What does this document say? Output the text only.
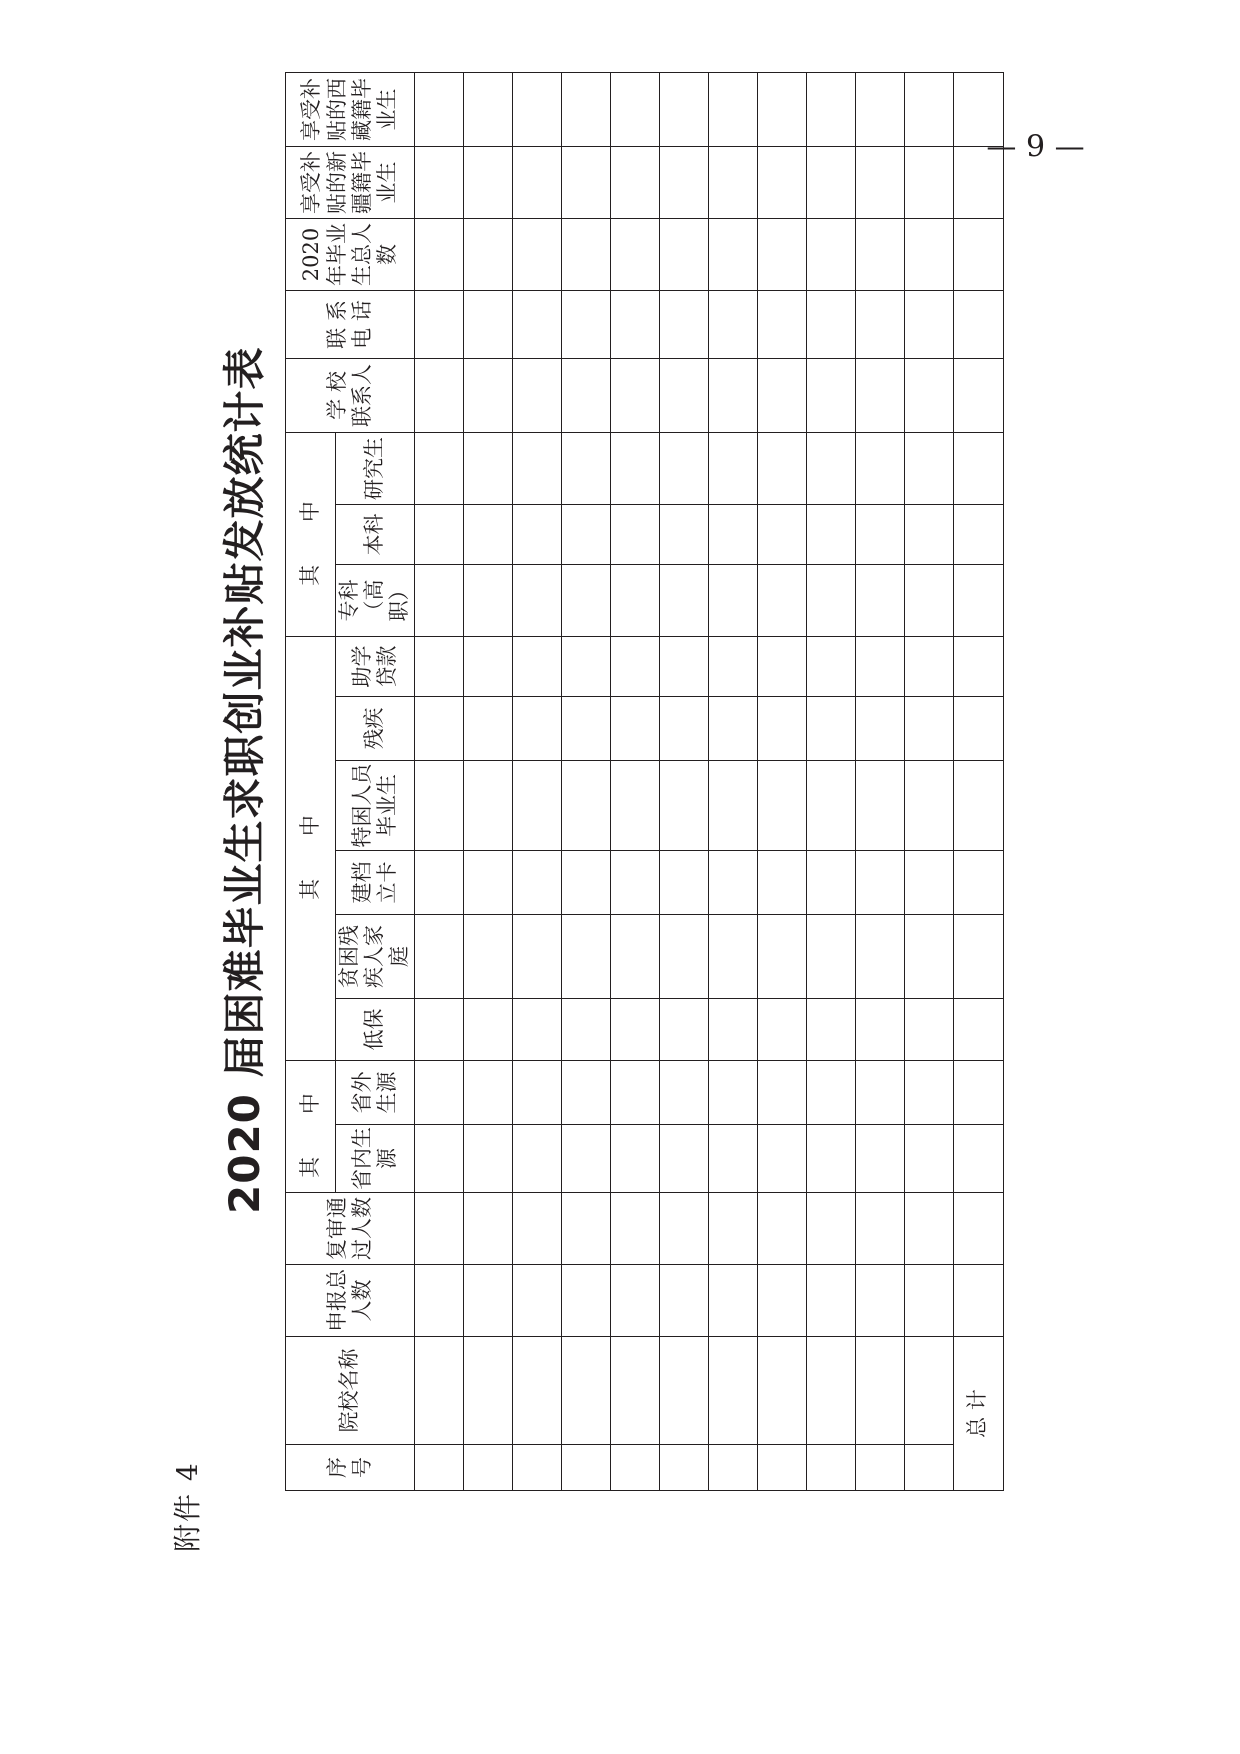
附件 4
2020 届困难毕业生求职创业补贴发放统计表
序号	院校名称	申报总人数	复审通过人数	其 中		其 中						其 中			学 校联系人	联 系电 话	2020 年毕业生总人数	享受补贴的新疆籍毕业生	享受补贴的西藏籍毕业生
				省内生源	省外生源	低保	贫困残疾人家庭	建档立卡	特困人员毕业生	残疾	助学贷款	专科（高职）	本科	研究生					

总 计																			
— 9 —
